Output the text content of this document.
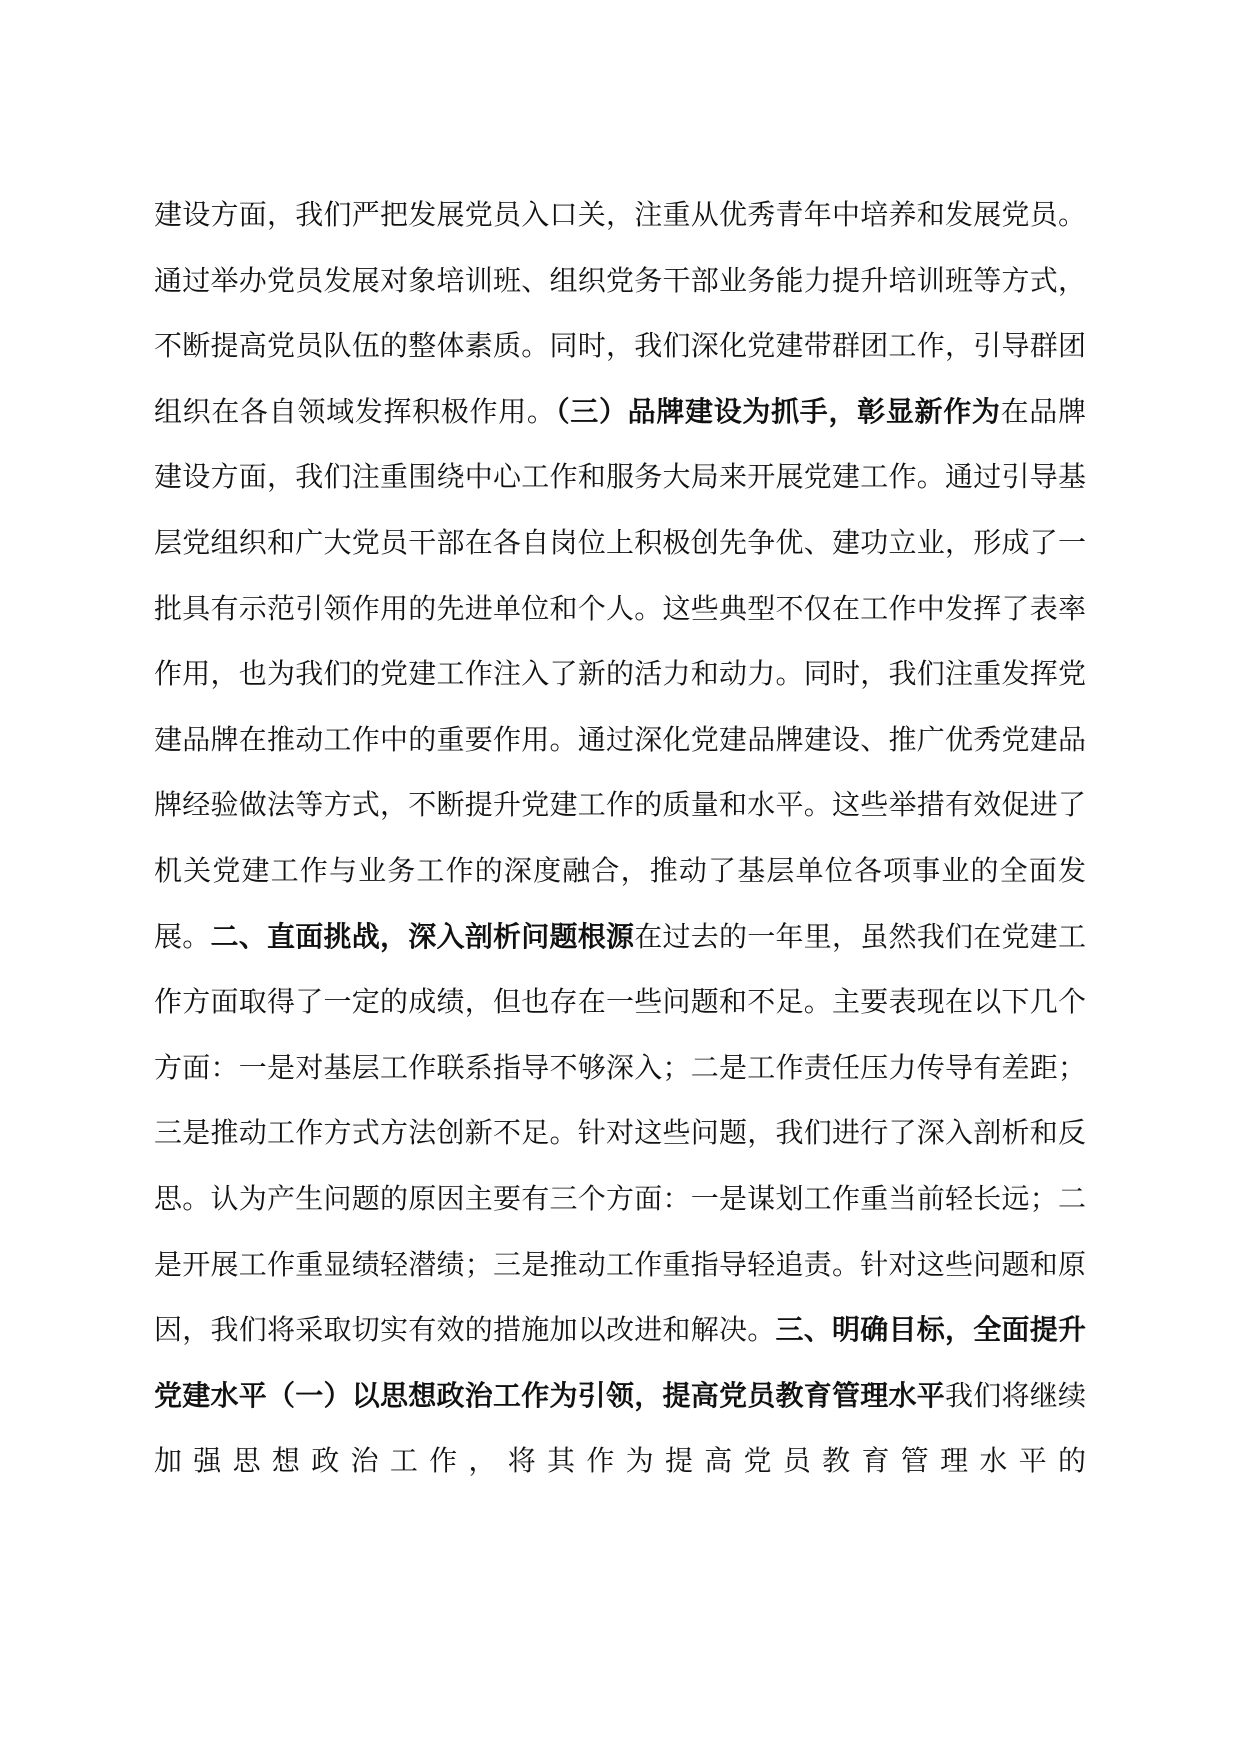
建设方面，我们严把发展党员入口关，注重从优秀青年中培养和发展党员。通过举办党员发展对象培训班、组织党务干部业务能力提升培训班等方式，不断提高党员队伍的整体素质。同时，我们深化党建带群团工作，引导群团组织在各自领域发挥积极作用。（三）品牌建设为抓手，彰显新作为在品牌建设方面，我们注重围绕中心工作和服务大局来开展党建工作。通过引导基层党组织和广大党员干部在各自岗位上积极创先争优、建功立业，形成了一批具有示范引领作用的先进单位和个人。这些典型不仅在工作中发挥了表率作用，也为我们的党建工作注入了新的活力和动力。同时，我们注重发挥党建品牌在推动工作中的重要作用。通过深化党建品牌建设、推广优秀党建品牌经验做法等方式，不断提升党建工作的质量和水平。这些举措有效促进了机关党建工作与业务工作的深度融合，推动了基层单位各项事业的全面发展。二、直面挑战，深入剖析问题根源在过去的一年里，虽然我们在党建工作方面取得了一定的成绩，但也存在一些问题和不足。主要表现在以下几个方面：一是对基层工作联系指导不够深入；二是工作责任压力传导有差距；三是推动工作方式方法创新不足。针对这些问题，我们进行了深入剖析和反思。认为产生问题的原因主要有三个方面：一是谋划工作重当前轻长远；二是开展工作重显绩轻潜绩；三是推动工作重指导轻追责。针对这些问题和原因，我们将采取切实有效的措施加以改进和解决。三、明确目标，全面提升党建水平（一）以思想政治工作为引领，提高党员教育管理水平我们将继续加强思想政治工作，将其作为提高党员教育管理水平的
